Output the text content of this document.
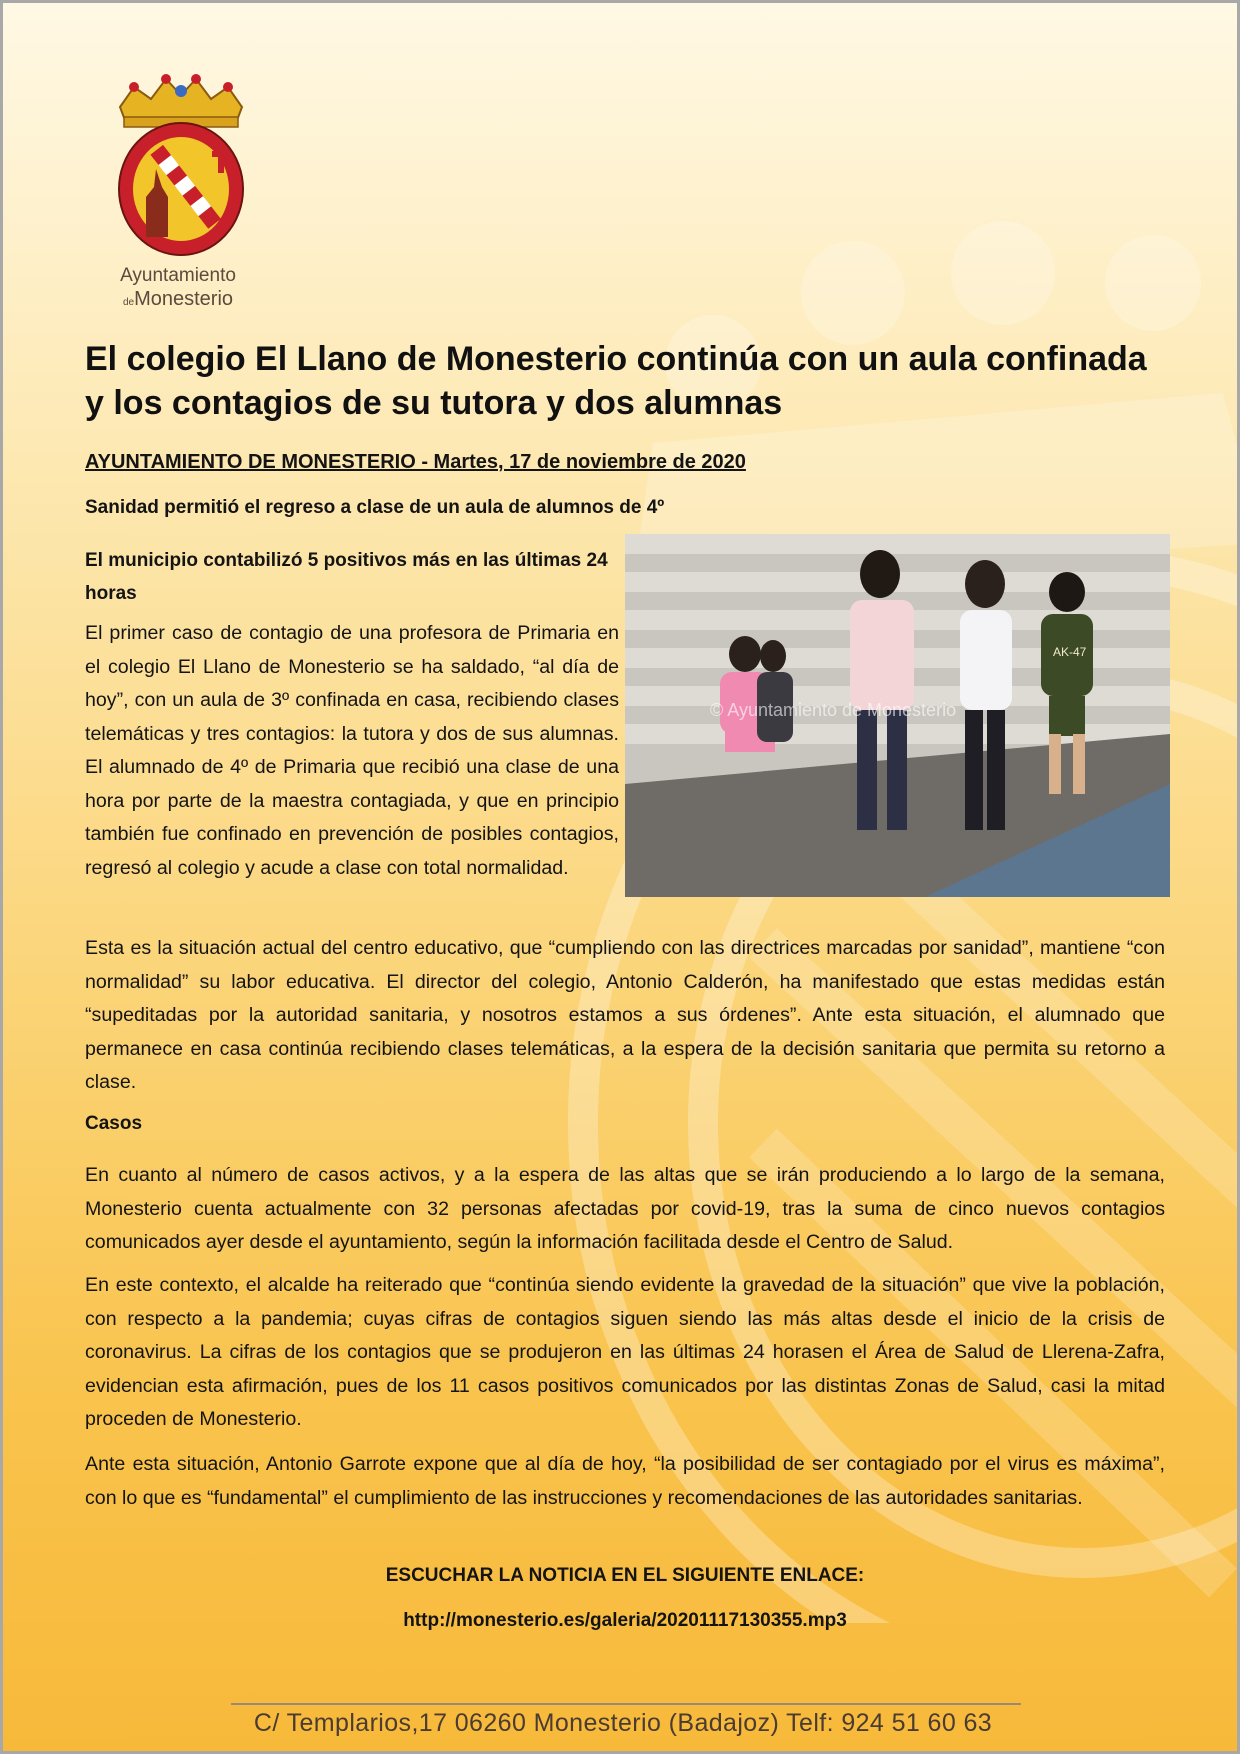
Ayuntamiento
deMonesterio
El colegio El Llano de Monesterio continúa con un aula confinada y los contagios de su tutora y dos alumnas
AYUNTAMIENTO DE MONESTERIO - Martes, 17 de noviembre de 2020
Sanidad permitió el regreso a clase de un aula de alumnos de 4º
El municipio contabilizó 5 positivos más en las últimas 24 horas

El primer caso de contagio de una profesora de Primaria en el colegio El Llano de Monesterio se ha saldado, “al día de hoy”, con un aula de 3º confinada en casa, recibiendo clases telemáticas y tres contagios: la tutora y dos de sus alumnas. El alumnado de 4º de Primaria que recibió una clase de una hora por parte de la maestra contagiada, y que en principio también fue confinado en prevención de posibles contagios, regresó al colegio y acude a clase con total normalidad.

AK-47
© Ayuntamiento de Monesterio

Esta es la situación actual del centro educativo, que “cumpliendo con las directrices marcadas por sanidad”, mantiene “con normalidad” su labor educativa. El director del colegio, Antonio Calderón, ha manifestado que estas medidas están “supeditadas por la autoridad sanitaria, y nosotros estamos a sus órdenes”. Ante esta situación, el alumnado que permanece en casa continúa recibiendo clases telemáticas, a la espera de la decisión sanitaria que permita su retorno a clase.

Casos

En cuanto al número de casos activos, y a la espera de las altas que se irán produciendo a lo largo de la semana, Monesterio cuenta actualmente con 32 personas afectadas por covid-19, tras la suma de cinco nuevos contagios comunicados ayer desde el ayuntamiento, según la información facilitada desde el Centro de Salud.

En este contexto, el alcalde ha reiterado que “continúa siendo evidente la gravedad de la situación” que vive la población, con respecto a la pandemia; cuyas cifras de contagios siguen siendo las más altas desde el inicio de la crisis de coronavirus. La cifras de los contagios que se produjeron en las últimas 24 horasen el Área de Salud de Llerena-Zafra, evidencian esta afirmación, pues de los 11 casos positivos comunicados por las distintas Zonas de Salud, casi la mitad proceden de Monesterio.

Ante esta situación, Antonio Garrote expone que al día de hoy, “la posibilidad de ser contagiado por el virus es máxima”, con lo que es “fundamental” el cumplimiento de las instrucciones y recomendaciones de las autoridades sanitarias.

ESCUCHAR LA NOTICIA EN EL SIGUIENTE ENLACE:
http://monesterio.es/galeria/20201117130355.mp3
C/ Templarios,17 06260 Monesterio (Badajoz) Telf: 924 51 60 63
